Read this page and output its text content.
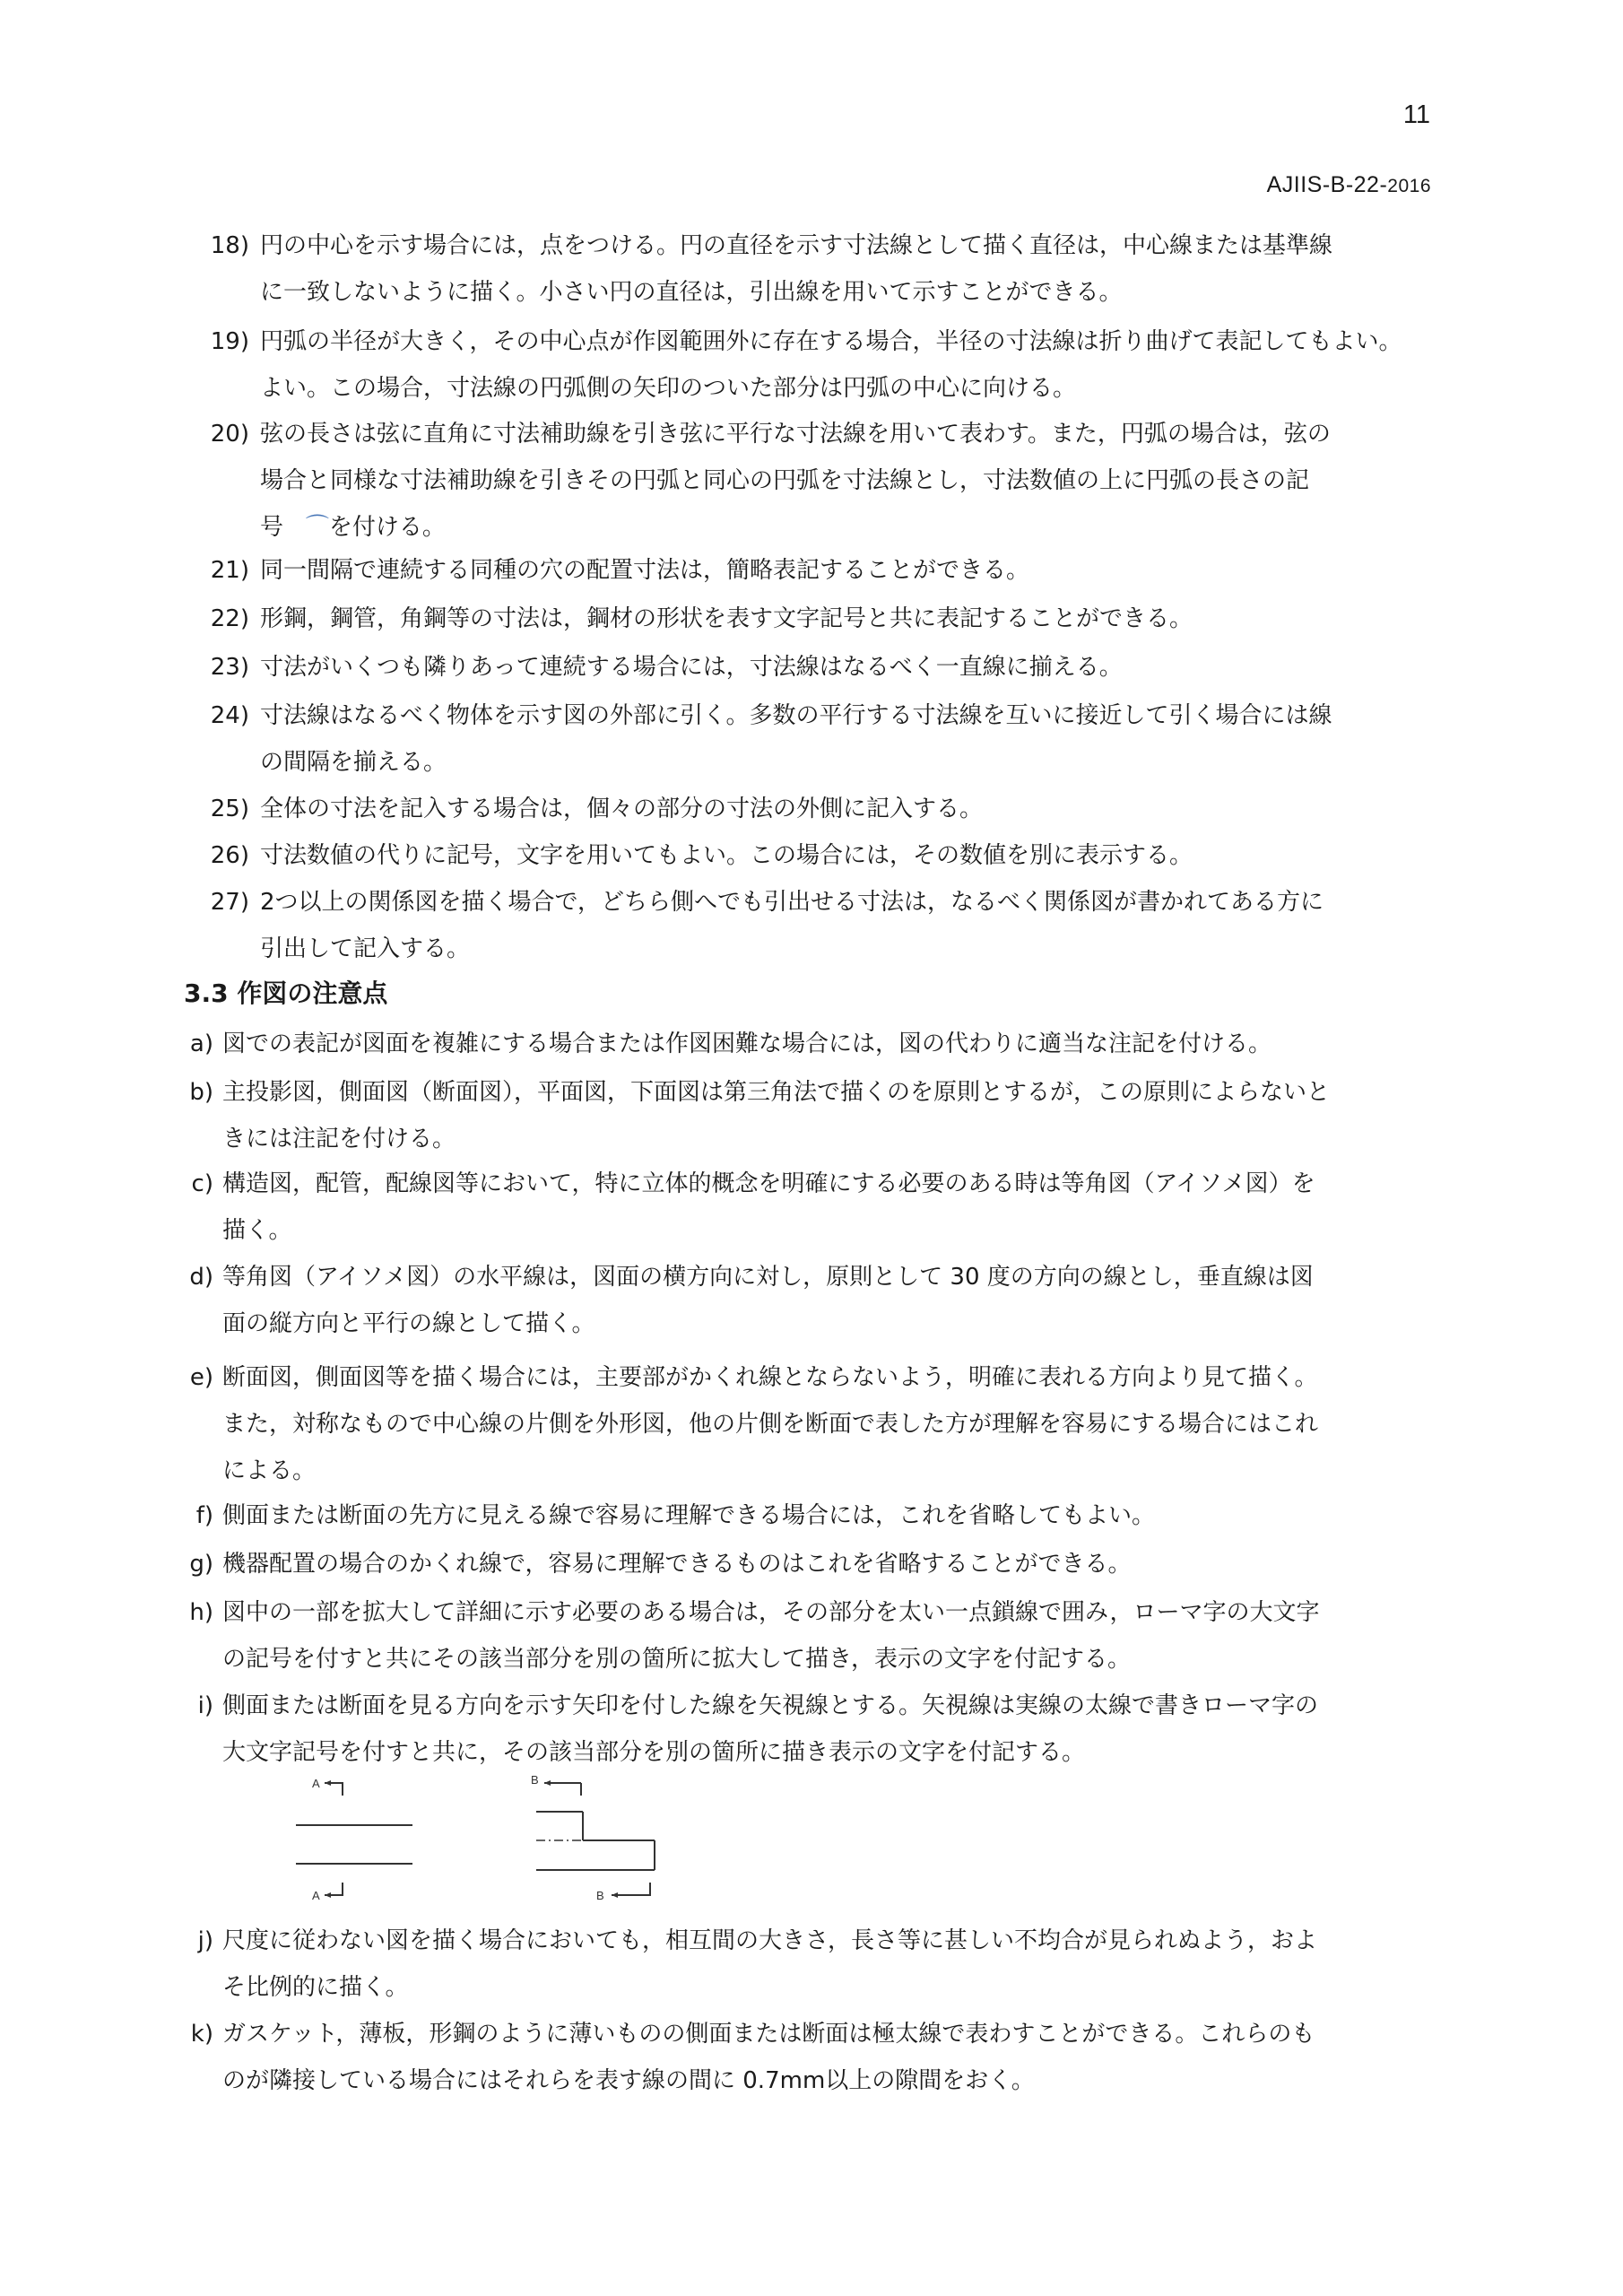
11
AJIIS-B-22-2016
18) 円の中心を示す場合には，点をつける。円の直径を示す寸法線として描く直径は，中心線または基準線
に一致しないように描く。小さい円の直径は，引出線を用いて示すことができる。
19) 円弧の半径が大きく，その中心点が作図範囲外に存在する場合，半径の寸法線は折り曲げて表記してもよい。
よい。この場合，寸法線の円弧側の矢印のついた部分は円弧の中心に向ける。
20) 弦の長さは弦に直角に寸法補助線を引き弦に平行な寸法線を用いて表わす。また，円弧の場合は，弦の
場合と同様な寸法補助線を引きその円弧と同心の円弧を寸法線とし，寸法数値の上に円弧の長さの記
号 ⌒を付ける。
21) 同一間隔で連続する同種の穴の配置寸法は，簡略表記することができる。
22) 形鋼，鋼管，角鋼等の寸法は，鋼材の形状を表す文字記号と共に表記することができる。
23) 寸法がいくつも隣りあって連続する場合には，寸法線はなるべく一直線に揃える。
24) 寸法線はなるべく物体を示す図の外部に引く。多数の平行する寸法線を互いに接近して引く場合には線
の間隔を揃える。
25) 全体の寸法を記入する場合は，個々の部分の寸法の外側に記入する。
26) 寸法数値の代りに記号，文字を用いてもよい。この場合には，その数値を別に表示する。
27) 2つ以上の関係図を描く場合で，どちら側へでも引出せる寸法は，なるべく関係図が書かれてある方に
引出して記入する。
3.3 作図の注意点
a) 図での表記が図面を複雑にする場合または作図困難な場合には，図の代わりに適当な注記を付ける。
b) 主投影図，側面図（断面図），平面図，下面図は第三角法で描くのを原則とするが，この原則によらないと
きには注記を付ける。
c) 構造図，配管，配線図等において，特に立体的概念を明確にする必要のある時は等角図（アイソメ図）を
描く。
d) 等角図（アイソメ図）の水平線は，図面の横方向に対し，原則として 30 度の方向の線とし，垂直線は図
面の縦方向と平行の線として描く。
e) 断面図，側面図等を描く場合には，主要部がかくれ線とならないよう，明確に表れる方向より見て描く。
また，対称なもので中心線の片側を外形図，他の片側を断面で表した方が理解を容易にする場合にはこれ
による。
f) 側面または断面の先方に見える線で容易に理解できる場合には，これを省略してもよい。
g) 機器配置の場合のかくれ線で，容易に理解できるものはこれを省略することができる。
h) 図中の一部を拡大して詳細に示す必要のある場合は，その部分を太い一点鎖線で囲み，ローマ字の大文字
の記号を付すと共にその該当部分を別の箇所に拡大して描き，表示の文字を付記する。
i) 側面または断面を見る方向を示す矢印を付した線を矢視線とする。矢視線は実線の太線で書きローマ字の
大文字記号を付すと共に，その該当部分を別の箇所に描き表示の文字を付記する。
A
A
B
B
j) 尺度に従わない図を描く場合においても，相互間の大きさ，長さ等に甚しい不均合が見られぬよう，およ
そ比例的に描く。
k) ガスケット，薄板，形鋼のように薄いものの側面または断面は極太線で表わすことができる。これらのも
のが隣接している場合にはそれらを表す線の間に 0.7mm以上の隙間をおく。
